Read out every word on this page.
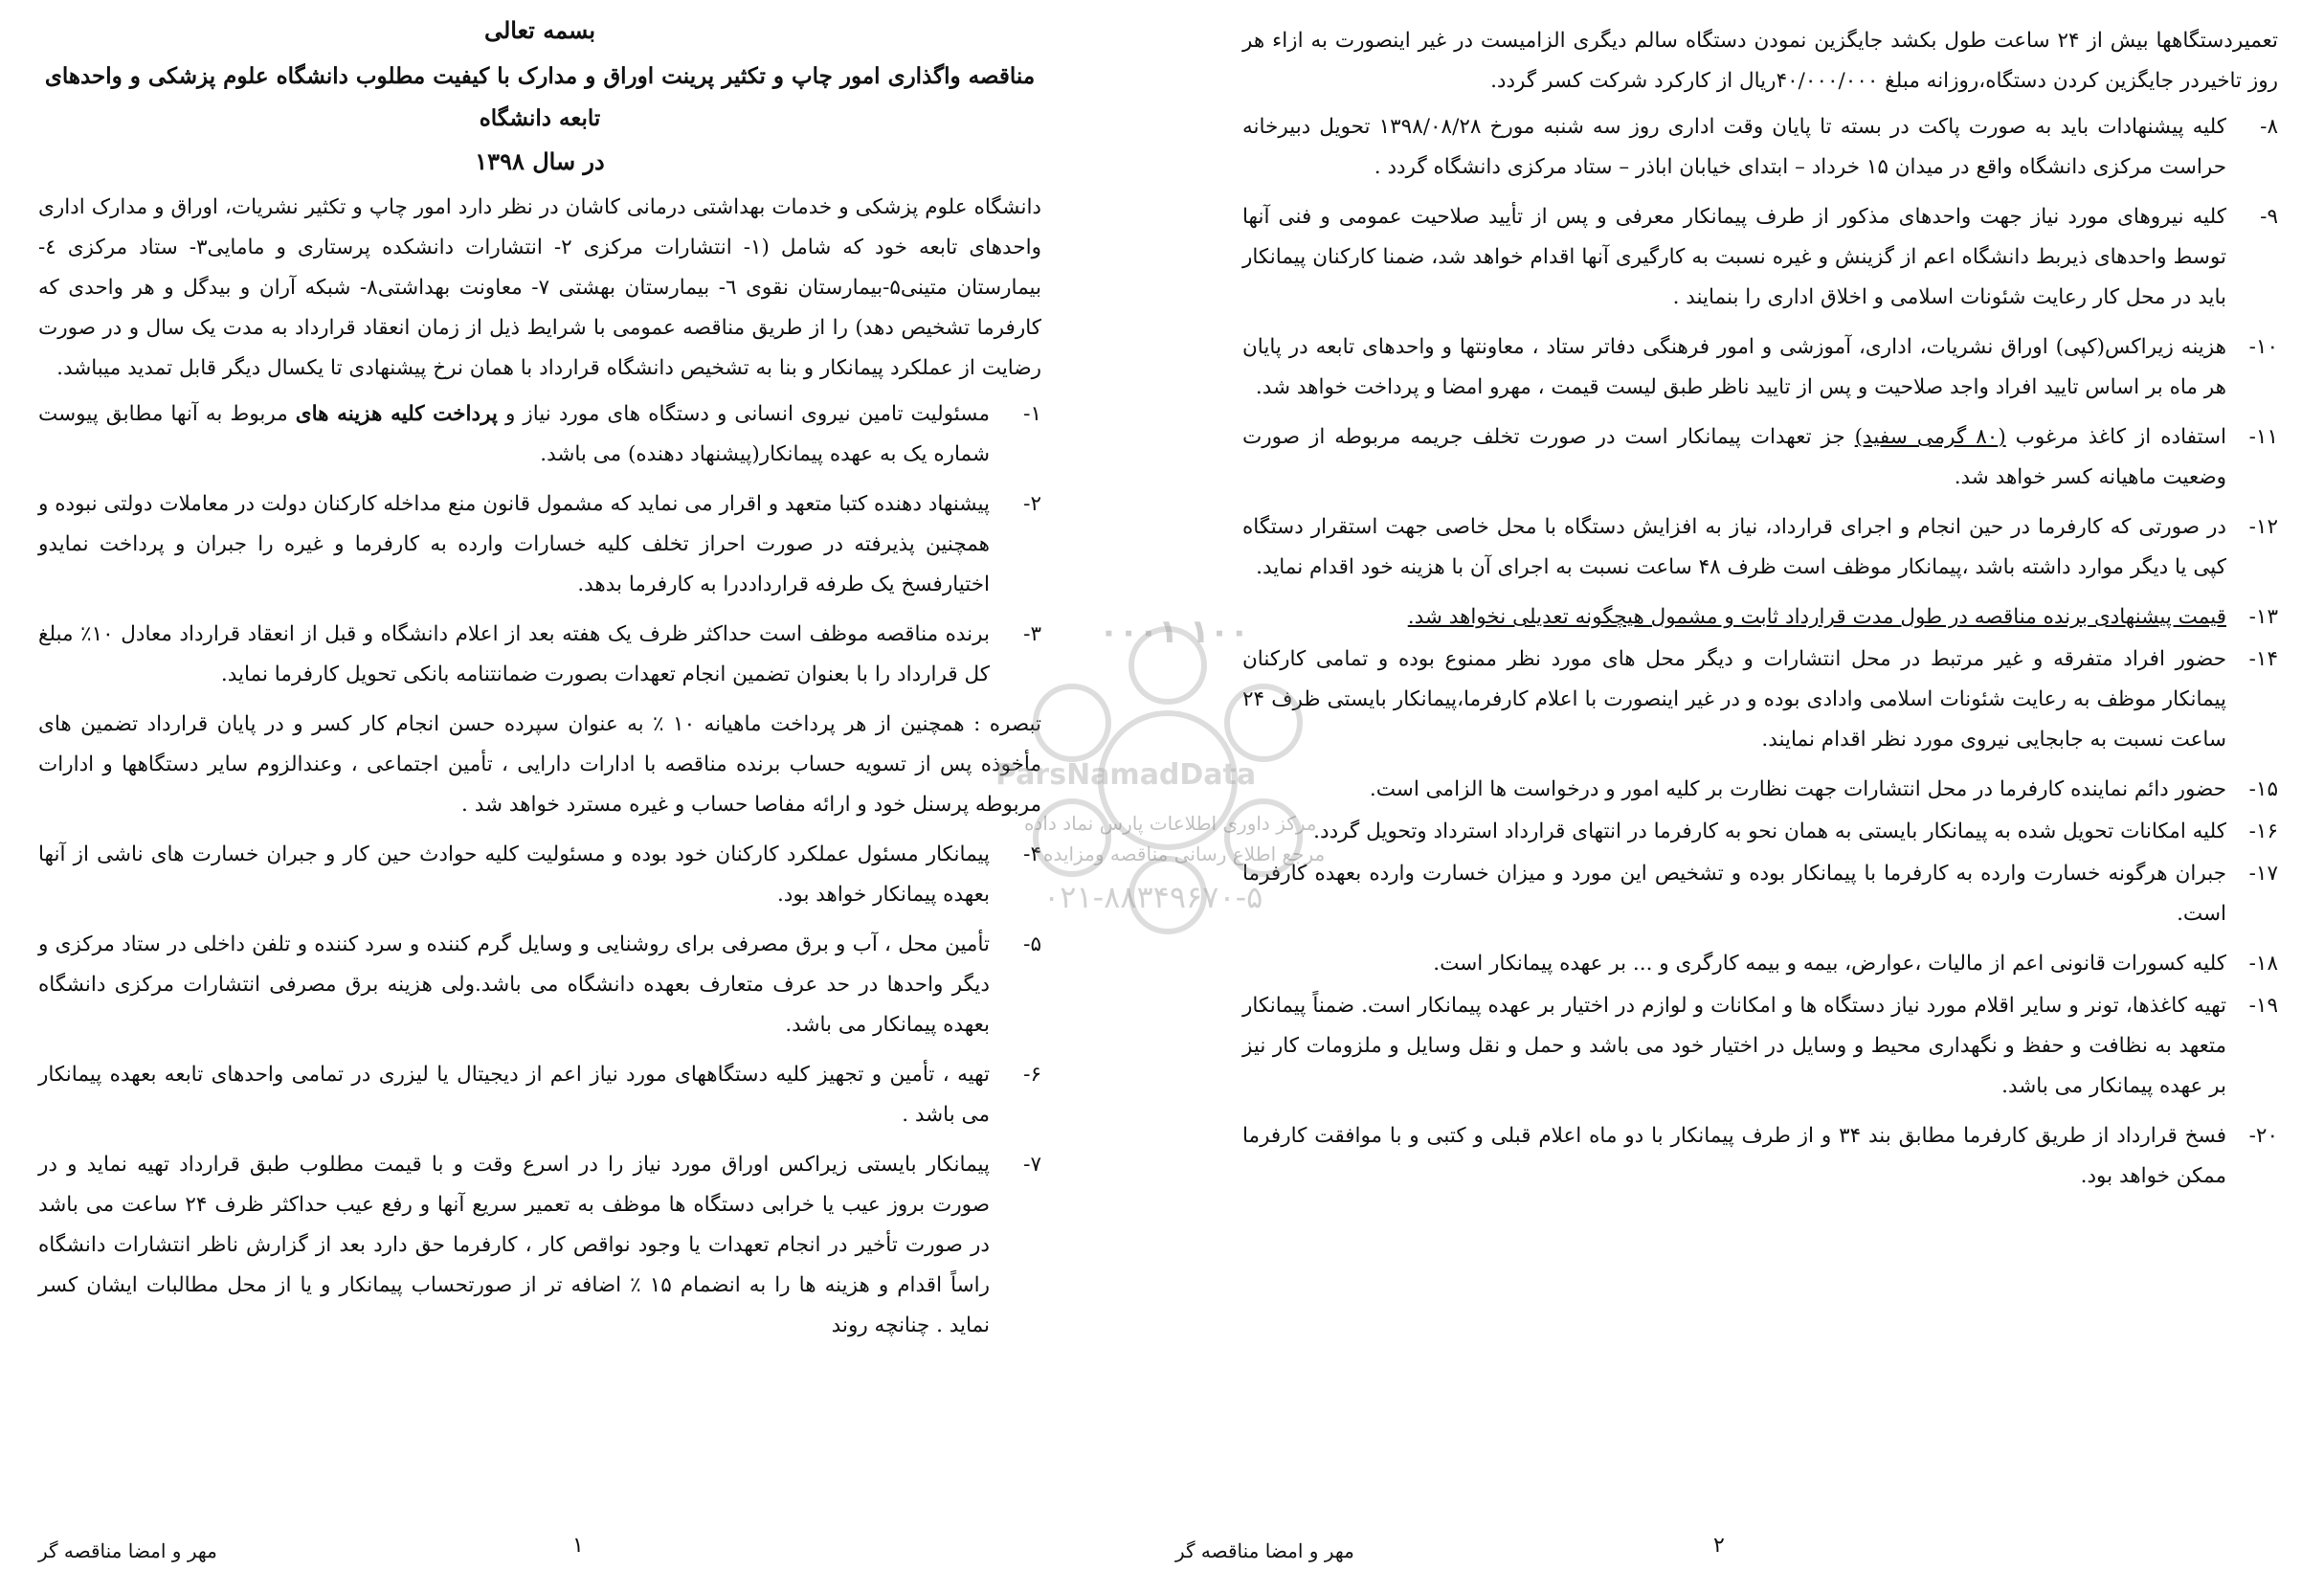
تعمیردستگاهها بیش از ۲۴ ساعت طول بکشد جایگزین نمودن دستگاه سالم دیگری الزامیست در غیر اینصورت به ازاء هر روز تاخیردر جایگزین کردن دستگاه،روزانه مبلغ ۴۰/۰۰۰/۰۰۰ریال از کارکرد شرکت کسر گردد.

۸-
کلیه پیشنهادات باید به صورت پاکت در بسته تا پایان وقت اداری روز سه شنبه مورخ ۱۳۹۸/۰۸/۲۸ تحویل دبیرخانه حراست مرکزی دانشگاه واقع در میدان ۱۵ خرداد – ابتدای خیابان اباذر – ستاد مرکزی دانشگاه گردد .
۹-
کلیه نیروهای مورد نیاز جهت واحدهای مذکور از طرف پیمانکار معرفی و پس از تأیید صلاحیت عمومی و فنی آنها توسط واحدهای ذیربط دانشگاه اعم از گزینش و غیره نسبت به کارگیری آنها اقدام خواهد شد، ضمنا کارکنان پیمانکار باید در محل کار رعایت شئونات اسلامی و اخلاق اداری را بنمایند .
۱۰-
هزینه زیراکس(کپی) اوراق نشریات، اداری، آموزشی و امور فرهنگی دفاتر ستاد ، معاونتها و واحدهای تابعه در پایان هر ماه بر اساس تایید افراد واجد صلاحیت و پس از تایید ناظر طبق لیست قیمت ، مهرو امضا و پرداخت خواهد شد.
۱۱-
استفاده از کاغذ مرغوب (۸۰ گرمی سفید) جز تعهدات پیمانکار است در صورت تخلف جریمه مربوطه از صورت وضعیت ماهیانه کسر خواهد شد.
۱۲-
در صورتی که کارفرما در حین انجام و اجرای قرارداد، نیاز به افزایش دستگاه با محل خاصی جهت استقرار دستگاه کپی یا دیگر موارد داشته باشد ،پیمانکار موظف است ظرف ۴۸ ساعت نسبت به اجرای آن با هزینه خود اقدام نماید.
۱۳-
قیمت پیشنهادی برنده مناقصه در طول مدت قرارداد ثابت و مشمول هیچگونه تعدیلی نخواهد شد.
۱۴-
حضور افراد متفرقه و غیر مرتبط در محل انتشارات و دیگر محل های مورد نظر ممنوع بوده و تمامی کارکنان پیمانکار موظف به رعایت شئونات اسلامی وادادی بوده و در غیر اینصورت با اعلام کارفرما،پیمانکار بایستی ظرف ۲۴ ساعت نسبت به جابجایی نیروی مورد نظر اقدام نمایند.
۱۵-
حضور دائم نماینده کارفرما در محل انتشارات جهت نظارت بر کلیه امور و درخواست ها الزامی است.
۱۶-
کلیه امکانات تحویل شده به پیمانکار بایستی به همان نحو به کارفرما در انتهای قرارداد استرداد وتحویل گردد.
۱۷-
جبران هرگونه خسارت وارده به کارفرما با پیمانکار بوده و تشخیص این مورد و میزان خسارت وارده بعهده کارفرما است.
۱۸-
کلیه کسورات قانونی اعم از مالیات ،عوارض، بیمه و بیمه کارگری و ... بر عهده پیمانکار است.
۱۹-
تهیه کاغذها، تونر و سایر اقلام مورد نیاز دستگاه ها و امکانات و لوازم در اختیار بر عهده پیمانکار است. ضمناً پیمانکار متعهد به نظافت و حفظ و نگهداری محیط و وسایل در اختیار خود می باشد و حمل و نقل وسایل و ملزومات کار نیز بر عهده پیمانکار می باشد.
۲۰-
فسخ قرارداد از طریق کارفرما مطابق بند ۳۴ و از طرف پیمانکار با دو ماه اعلام قبلی و کتبی و با موافقت کارفرما ممکن خواهد بود.
۲
مهر و امضا مناقصه گر
بسمه تعالی
مناقصه واگذاری امور چاپ و تکثیر پرینت اوراق و مدارک با کیفیت مطلوب دانشگاه علوم پزشکی و واحدهای تابعه دانشگاه
در سال ۱۳۹۸

دانشگاه علوم پزشکی و خدمات بهداشتی درمانی کاشان در نظر دارد امور چاپ و تکثیر نشریات، اوراق و مدارک اداری واحدهای تابعه خود که شامل (۱- انتشارات مرکزی ۲- انتشارات دانشکده پرستاری و مامایی۳- ستاد مرکزی ٤-بیمارستان متینی۵-بیمارستان نقوی ٦- بیمارستان بهشتی ۷- معاونت بهداشتی۸- شبکه آران و بیدگل و هر واحدی که کارفرما تشخیص دهد) را از طریق مناقصه عمومی با شرایط ذیل از زمان انعقاد قرارداد به مدت یک سال و در صورت رضایت از عملکرد پیمانکار و بنا به تشخیص دانشگاه قرارداد با همان نرخ پیشنهادی تا یکسال دیگر قابل تمدید میباشد.

۱-
مسئولیت تامین نیروی انسانی و دستگاه های مورد نیاز و پرداخت کلیه هزینه های مربوط به آنها مطابق پیوست شماره یک به عهده پیمانکار(پیشنهاد دهنده) می باشد.
۲-
پیشنهاد دهنده کتبا متعهد و اقرار می نماید که مشمول قانون منع مداخله کارکنان دولت در معاملات دولتی نبوده و همچنین پذیرفته در صورت احراز تخلف کلیه خسارات وارده به کارفرما و غیره را جبران و پرداخت نمایدو اختیارفسخ یک طرفه قرارداددرا به کارفرما بدهد.
۳-
برنده مناقصه موظف است حداکثر ظرف یک هفته بعد از اعلام دانشگاه و قبل از انعقاد قرارداد معادل ۱۰٪ مبلغ کل قرارداد را با بعنوان تضمین انجام تعهدات بصورت ضمانتنامه بانکی تحویل کارفرما نماید.

تبصره : همچنین از هر پرداخت ماهیانه ۱۰ ٪ به عنوان سپرده حسن انجام کار کسر و در پایان قرارداد تضمین های مأخوذه پس از تسویه حساب برنده مناقصه با ادارات دارایی ، تأمین اجتماعی ، وعندالزوم سایر دستگاهها و ادارات مربوطه پرسنل خود و ارائه مفاصا حساب و غیره مسترد خواهد شد .

۴-
پیمانکار مسئول عملکرد کارکنان خود بوده و مسئولیت کلیه حوادث حین کار و جبران خسارت های ناشی از آنها بعهده پیمانکار خواهد بود.
۵-
تأمین محل ، آب و برق مصرفی برای روشنایی و وسایل گرم کننده و سرد کننده و تلفن داخلی در ستاد مرکزی و دیگر واحدها در حد عرف متعارف بعهده دانشگاه می باشد.ولی هزینه برق مصرفی انتشارات مرکزی دانشگاه بعهده پیمانکار می باشد.
۶-
تهیه ، تأمین و تجهیز کلیه دستگاههای مورد نیاز اعم از دیجیتال یا لیزری در تمامی واحدهای تابعه بعهده پیمانکار می باشد .
۷-
پیمانکار بایستی زیراکس اوراق مورد نیاز را در اسرع وقت و با قیمت مطلوب طبق قرارداد تهیه نماید و در صورت بروز عیب یا خرابی دستگاه ها موظف به تعمیر سریع آنها و رفع عیب حداکثر ظرف ۲۴ ساعت می باشد در صورت تأخیر در انجام تعهدات یا وجود نواقص کار ، کارفرما حق دارد بعد از گزارش ناظر انتشارات دانشگاه راساً اقدام و هزینه ها را به انضمام ۱۵ ٪ اضافه تر از صورتحساب پیمانکار و یا از محل مطالبات ایشان کسر نماید . چنانچه روند
۱
مهر و امضا مناقصه گر
۰۰۰۱ ۱۰۰
ParsNamadData
مرکز داوری اطلاعات پارس نماد داده
مرجع اطلاع رسانی مناقصه ومزایده
۰۲۱-۸۸۳۴۹۶۷۰-۵
